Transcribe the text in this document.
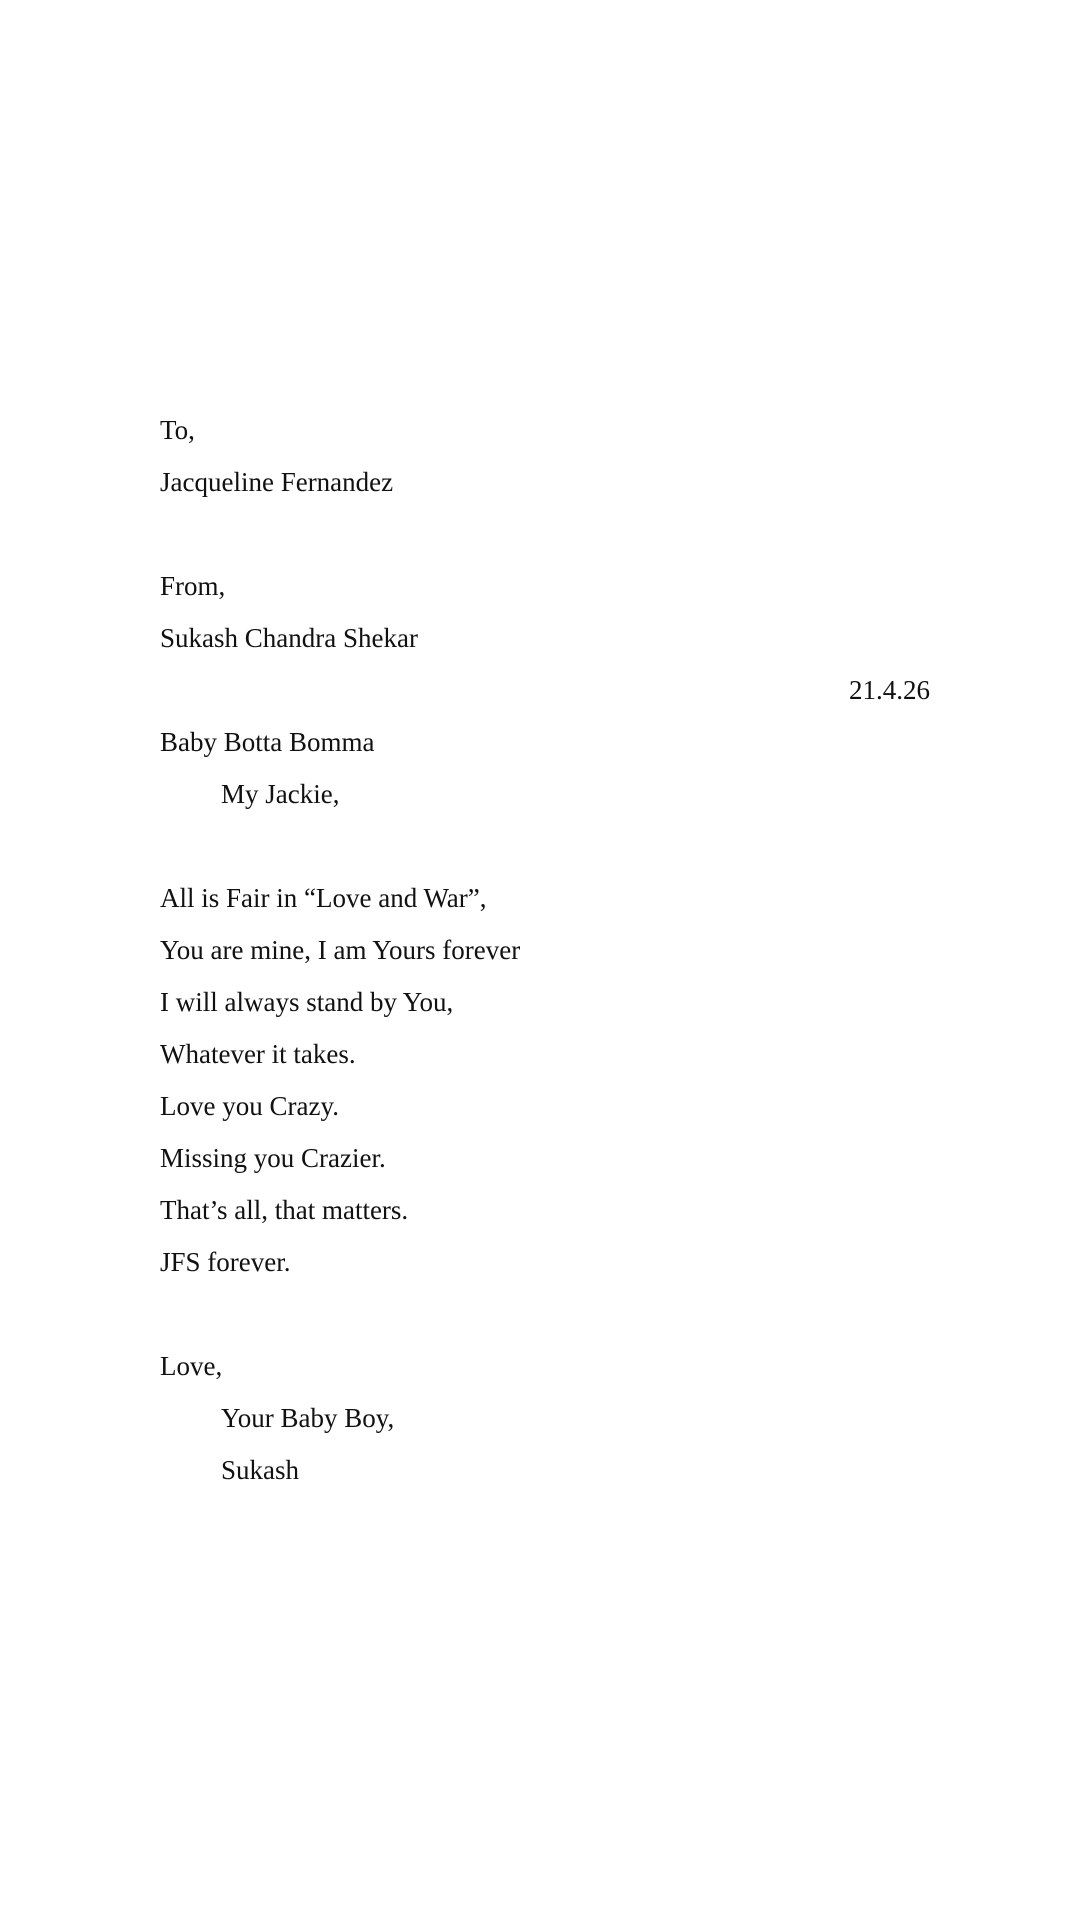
To,
Jacqueline Fernandez
From,
Sukash Chandra Shekar
21.4.26
Baby Botta Bomma
My Jackie,
All is Fair in “Love and War”,
You are mine, I am Yours forever
I will always stand by You,
Whatever it takes.
Love you Crazy.
Missing you Crazier.
That’s all, that matters.
JFS forever.
Love,
Your Baby Boy,
Sukash
